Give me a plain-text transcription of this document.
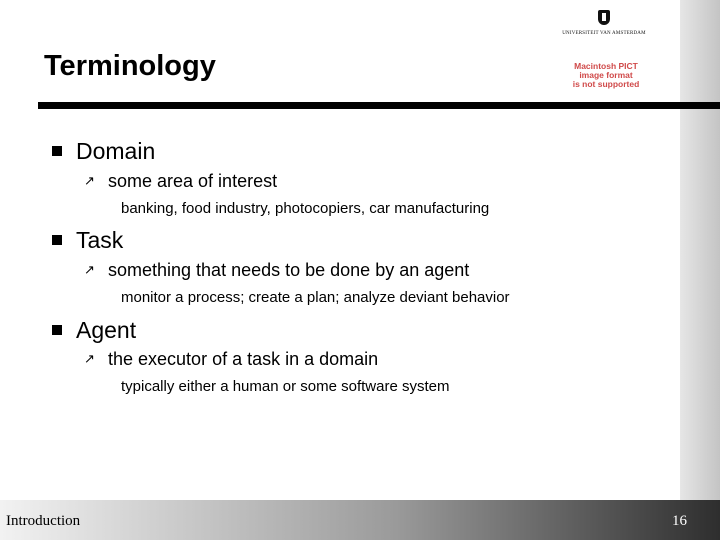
UNIVERSITEIT VAN AMSTERDAM
Macintosh PICT
image format
is not supported
Terminology
Domain
↗ some area of interest
banking, food industry, photocopiers, car manufacturing
Task
↗ something that needs to be done by an agent
monitor a process; create a plan; analyze deviant behavior
Agent
↗ the executor of a task in a domain
typically either a human or some software system
Introduction	16
